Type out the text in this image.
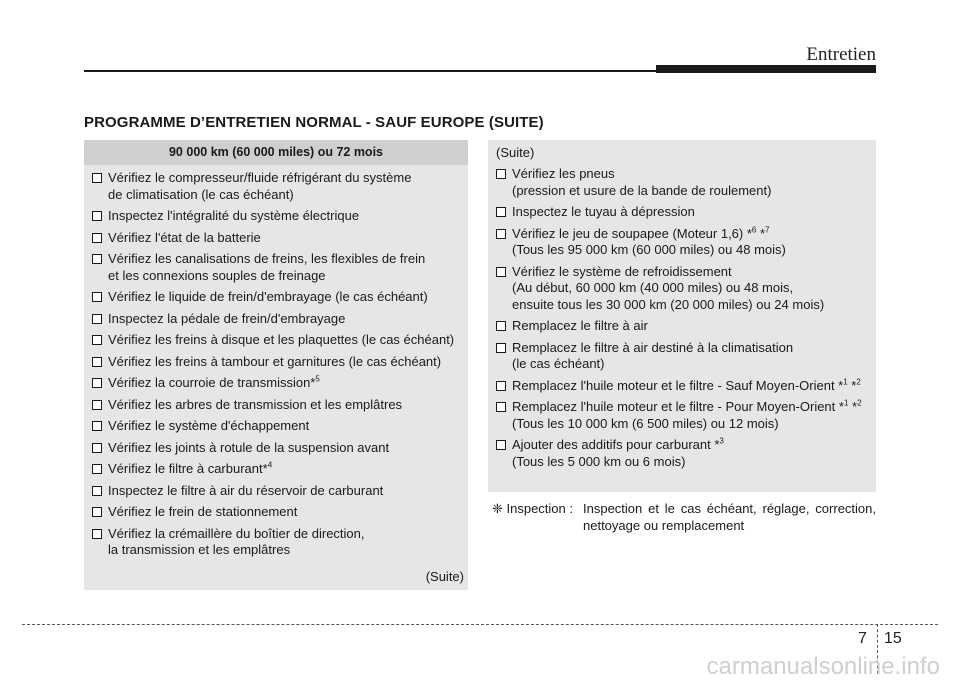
Entretien
PROGRAMME D’ENTRETIEN NORMAL - SAUF EUROPE (SUITE)
90 000 km (60 000 miles) ou 72 mois
Vérifiez le compresseur/fluide réfrigérant du système
de climatisation (le cas échéant)
Inspectez l'intégralité du système électrique
Vérifiez l'état de la batterie
Vérifiez les canalisations de freins, les flexibles de frein
et les connexions souples de freinage
Vérifiez le liquide de frein/d'embrayage (le cas échéant)
Inspectez la pédale de frein/d'embrayage
Vérifiez les freins à disque et les plaquettes (le cas échéant)
Vérifiez les freins à tambour et garnitures (le cas échéant)
Vérifiez la courroie de transmission*$^5$
Vérifiez les arbres de transmission et les emplâtres
Vérifiez le système d'échappement
Vérifiez les joints à rotule de la suspension avant
Vérifiez le filtre à carburant*$^4$
Inspectez le filtre à air du réservoir de carburant
Vérifiez le frein de stationnement
Vérifiez la crémaillère du boîtier de direction,
la transmission et les emplâtres
(Suite)
(Suite)
Vérifiez les pneus
(pression et usure de la bande de roulement)
Inspectez le tuyau à dépression
Vérifiez le jeu de soupapee (Moteur 1,6) *$^6$ *$^7$
(Tous les 95 000 km (60 000 miles) ou 48 mois)
Vérifiez le système de refroidissement
(Au début, 60 000 km (40 000 miles) ou 48 mois,
ensuite tous les 30 000 km (20 000 miles) ou 24 mois)
Remplacez le filtre à air
Remplacez le filtre à air destiné à la climatisation
(le cas échéant)
Remplacez l'huile moteur et le filtre - Sauf Moyen-Orient *$^1$ *$^2$
Remplacez l'huile moteur et le filtre - Pour Moyen-Orient *$^1$ *$^2$
(Tous les 10 000 km (6 500 miles) ou 12 mois)
Ajouter des additifs pour carburant *$^3$
(Tous les 5 000 km ou 6 mois)
❈ Inspection : Inspection et le cas échéant, réglage, correction, nettoyage ou remplacement
7 15
carmanualsonline.info
